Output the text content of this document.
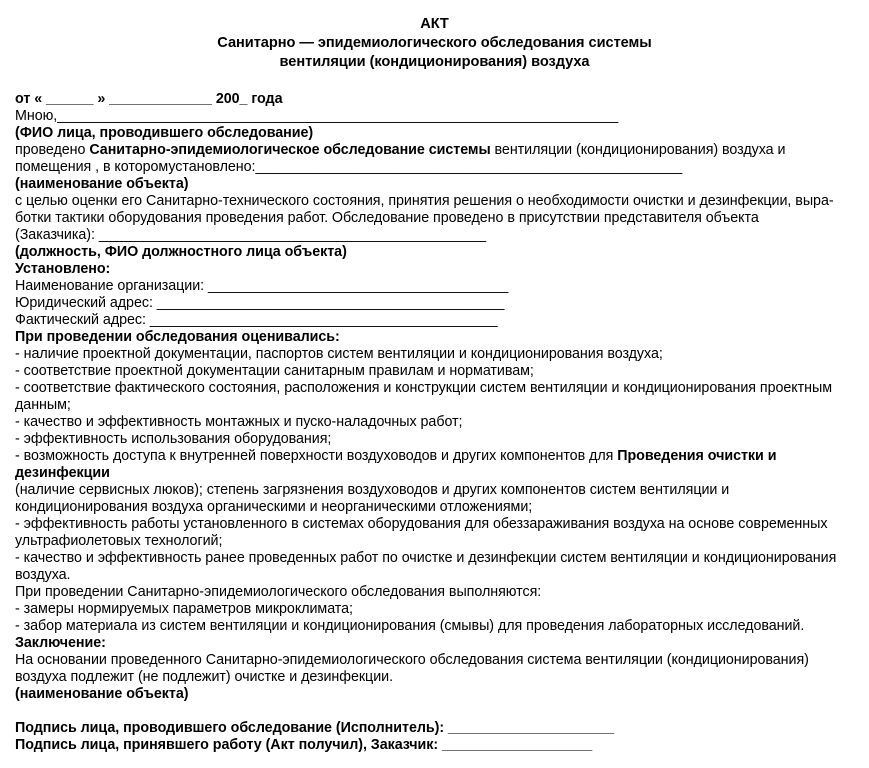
АКТ
Санитарно — эпидемиологического обследования системы
вентиляции (кондиционирования) воздуха
от « ______ » _____________ 200_ года
Мною,_______________________________________________________________________
(ФИО лица, проводившего обследование)
проведено Санитарно-эпидемиологическое обследование системы вентиляции (кондиционирования) воздуха и
помещения , в которомустановлено:______________________________________________________
(наименование объекта)
с целью оценки его Санитарно-технического состояния, принятия решения о необходимости очистки и дезинфекции, выра-
ботки тактики оборудования проведения работ. Обследование проведено в присутствии представителя объекта
(Заказчика): _________________________________________________
(должность, ФИО должностного лица объекта)
Установлено:
Наименование организации: ______________________________________
Юридический адрес: ____________________________________________
Фактический адрес: ____________________________________________
При проведении обследования оценивались:
- наличие проектной документации, паспортов систем вентиляции и кондиционирования воздуха;
- соответствие проектной документации санитарным правилам и нормативам;
- соответствие фактического состояния, расположения и конструкции систем вентиляции и кондиционирования проектным
данным;
- качество и эффективность монтажных и пуско-наладочных работ;
- эффективность использования оборудования;
- возможность доступа к внутренней поверхности воздуховодов и других компонентов для Проведения очистки и
дезинфекции
(наличие сервисных люков); степень загрязнения воздуховодов и других компонентов систем вентиляции и
кондиционирования воздуха органическими и неорганическими отложениями;
- эффективность работы установленного в системах оборудования для обеззараживания воздуха на основе современных
ультрафиолетовых технологий;
- качество и эффективность ранее проведенных работ по очистке и дезинфекции систем вентиляции и кондиционирования
воздуха.
При проведении Санитарно-эпидемиологического обследования выполняются:
- замеры нормируемых параметров микроклимата;
- забор материала из систем вентиляции и кондиционирования (смывы) для проведения лабораторных исследований.
Заключение:
На основании проведенного Санитарно-эпидемиологического обследования система вентиляции (кондиционирования)
воздуха подлежит (не подлежит) очистке и дезинфекции.
(наименование объекта)

Подпись лица, проводившего обследование (Исполнитель): _____________________
Подпись лица, принявшего работу (Акт получил), Заказчик: ___________________
